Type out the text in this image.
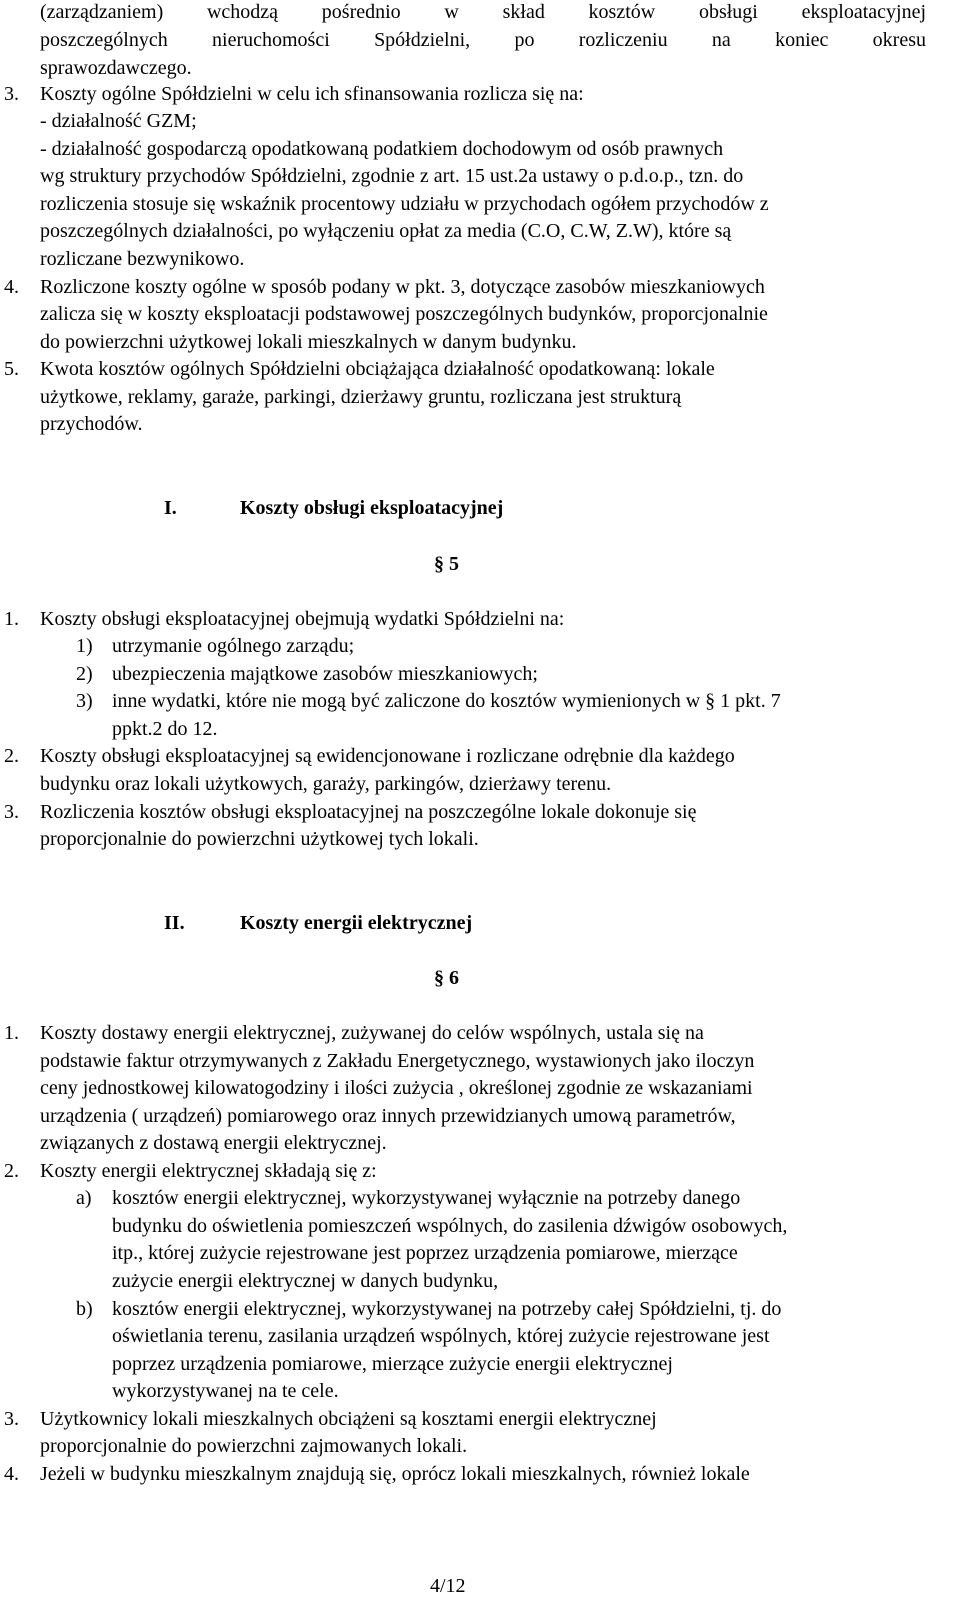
(zarządzaniem) wchodzą pośrednio w skład kosztów obsługi eksploatacyjnej
poszczególnych nieruchomości Spółdzielni, po rozliczeniu na koniec okresu
sprawozdawczego.
3. Koszty ogólne Spółdzielni w celu ich sfinansowania rozlicza się na:
- działalność GZM;
- działalność gospodarczą opodatkowaną podatkiem dochodowym od osób prawnych
wg struktury przychodów Spółdzielni, zgodnie z art. 15 ust.2a ustawy o p.d.o.p., tzn. do
rozliczenia stosuje się wskaźnik procentowy udziału w przychodach ogółem przychodów z
poszczególnych działalności, po wyłączeniu opłat za media (C.O, C.W, Z.W), które są
rozliczane bezwynikowo.
4. Rozliczone koszty ogólne w sposób podany w pkt. 3, dotyczące zasobów mieszkaniowych
zalicza się w koszty eksploatacji podstawowej poszczególnych budynków, proporcjonalnie
do powierzchni użytkowej lokali mieszkalnych w danym budynku.
5. Kwota kosztów ogólnych Spółdzielni obciążająca działalność opodatkowaną: lokale
użytkowe, reklamy, garaże, parkingi, dzierżawy gruntu, rozliczana jest strukturą
przychodów.
I.	Koszty obsługi eksploatacyjnej
§ 5
1. Koszty obsługi eksploatacyjnej obejmują wydatki Spółdzielni na:
1) utrzymanie ogólnego zarządu;
2) ubezpieczenia majątkowe zasobów mieszkaniowych;
3) inne wydatki, które nie mogą być zaliczone do kosztów wymienionych w § 1 pkt. 7
ppkt.2 do 12.
2. Koszty obsługi eksploatacyjnej są ewidencjonowane i rozliczane odrębnie dla każdego
budynku oraz lokali użytkowych, garaży, parkingów, dzierżawy terenu.
3. Rozliczenia kosztów obsługi eksploatacyjnej na poszczególne lokale dokonuje się
proporcjonalnie do powierzchni użytkowej tych lokali.
II.	Koszty energii elektrycznej
§ 6
1. Koszty dostawy energii elektrycznej, zużywanej do celów wspólnych, ustala się na
podstawie faktur otrzymywanych z Zakładu Energetycznego, wystawionych jako iloczyn
ceny jednostkowej kilowatogodziny i ilości zużycia , określonej zgodnie ze wskazaniami
urządzenia ( urządzeń) pomiarowego oraz innych przewidzianych umową parametrów,
związanych z dostawą energii elektrycznej.
2. Koszty energii elektrycznej składają się z:
a) kosztów energii elektrycznej, wykorzystywanej wyłącznie na potrzeby danego
budynku do oświetlenia pomieszczeń wspólnych, do zasilenia dźwigów osobowych,
itp., której zużycie rejestrowane jest poprzez urządzenia pomiarowe, mierzące
zużycie energii elektrycznej w danych budynku,
b) kosztów energii elektrycznej, wykorzystywanej na potrzeby całej Spółdzielni, tj. do
oświetlania terenu, zasilania urządzeń wspólnych, której zużycie rejestrowane jest
poprzez urządzenia pomiarowe, mierzące zużycie energii elektrycznej
wykorzystywanej na te cele.
3. Użytkownicy lokali mieszkalnych obciążeni są kosztami energii elektrycznej
proporcjonalnie do powierzchni zajmowanych lokali.
4. Jeżeli w budynku mieszkalnym znajdują się, oprócz lokali mieszkalnych, również lokale
4/12
